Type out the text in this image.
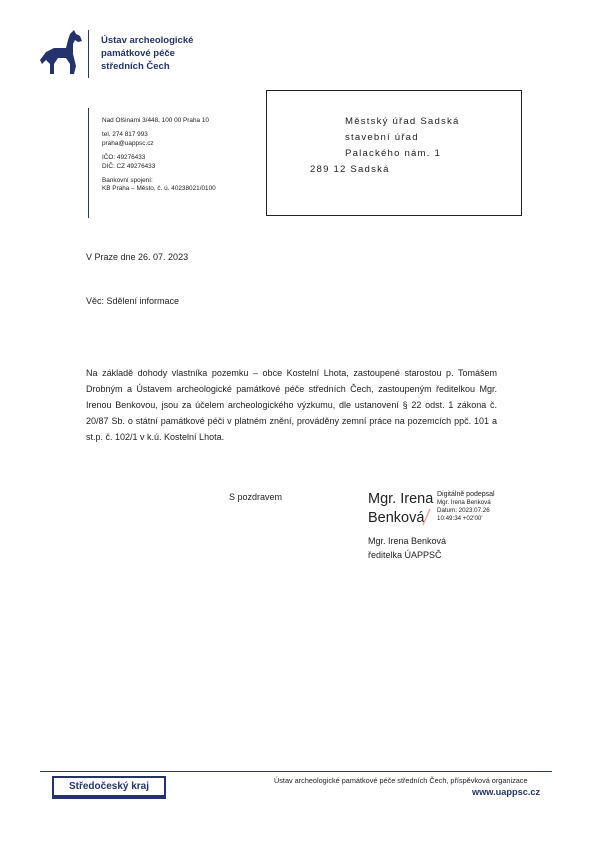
Ústav archeologické
památkové péče
středních Čech
Nad Olšinami 3/448, 100 00 Praha 10
tel. 274 817 993
praha@uappsc.cz
IČO: 49276433
DIČ: CZ 49276433
Bankovní spojení:
KB Praha – Město, č. ú. 40238021/0100
Městský úřad Sadská
stavební úřad
Palackého nám. 1
289 12 Sadská
V Praze dne 26. 07. 2023
Věc: Sdělení informace
Na základě dohody vlastníka pozemku – obce Kostelní Lhota, zastoupené starostou p. Tomášem Drobným a Ústavem archeologické památkové péče středních Čech, zastoupeným ředitelkou Mgr. Irenou Benkovou, jsou za účelem archeologického výzkumu, dle ustanovení § 22 odst. 1 zákona č. 20/87 Sb. o státní památkové péči v platném znění, prováděny zemní práce na pozemcích ppč. 101 a st.p. č. 102/1 v k.ú. Kostelní Lhota.
S pozdravem	Mgr. Irena
Benková
Digitálně podepsal
Mgr. Irena Benková
Datum: 2023.07.26
10:49:34 +02'00'
Mgr. Irena Benková
ředitelka ÚAPPSČ
Středočeský kraj
Ústav archeologické památkové péče středních Čech, příspěvková organizace
www.uappsc.cz
